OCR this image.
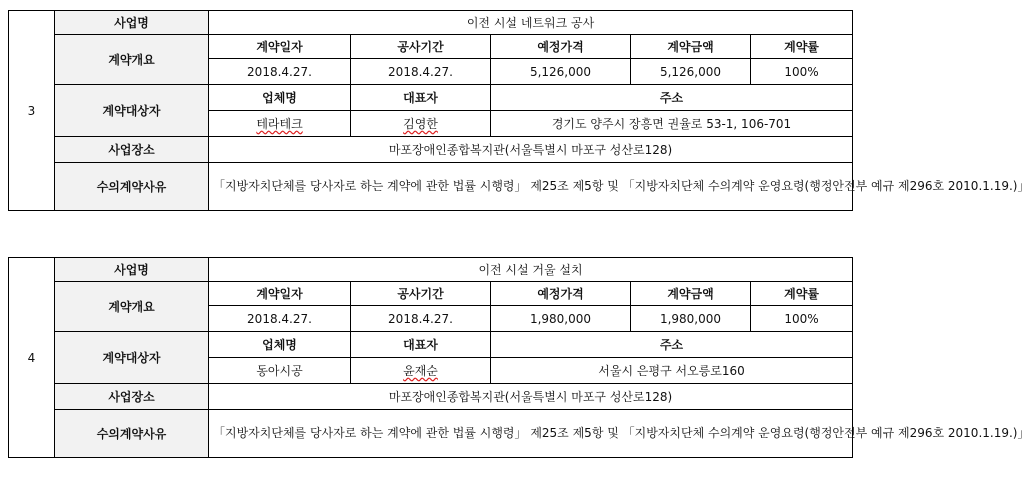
3	사업명	이전 시설 네트워크 공사				
	계약개요	계약일자	공사기간	예정가격	계약금액	계약률
		2018.4.27.	2018.4.27.	5,126,000	5,126,000	100%
	계약대상자	업체명	대표자	주소		
		테라테크	김영한	경기도 양주시 장흥면 권율로 53-1, 106-701		
	사업장소	마포장애인종합복지관(서울특별시 마포구 성산로128)				
	수의계약사유	「지방자치단체를 당사자로 하는 계약에 관한 법률 시행령」 제25조 제5항 및 「지방자치단체 수의계약 운영요령(행정안전부 예규 제296호 2010.1.19.)」				
4	사업명	이전 시설 거울 설치				
	계약개요	계약일자	공사기간	예정가격	계약금액	계약률
		2018.4.27.	2018.4.27.	1,980,000	1,980,000	100%
	계약대상자	업체명	대표자	주소		
		동아시공	윤재순	서울시 은평구 서오릉로160		
	사업장소	마포장애인종합복지관(서울특별시 마포구 성산로128)				
	수의계약사유	「지방자치단체를 당사자로 하는 계약에 관한 법률 시행령」 제25조 제5항 및 「지방자치단체 수의계약 운영요령(행정안전부 예규 제296호 2010.1.19.)」				
